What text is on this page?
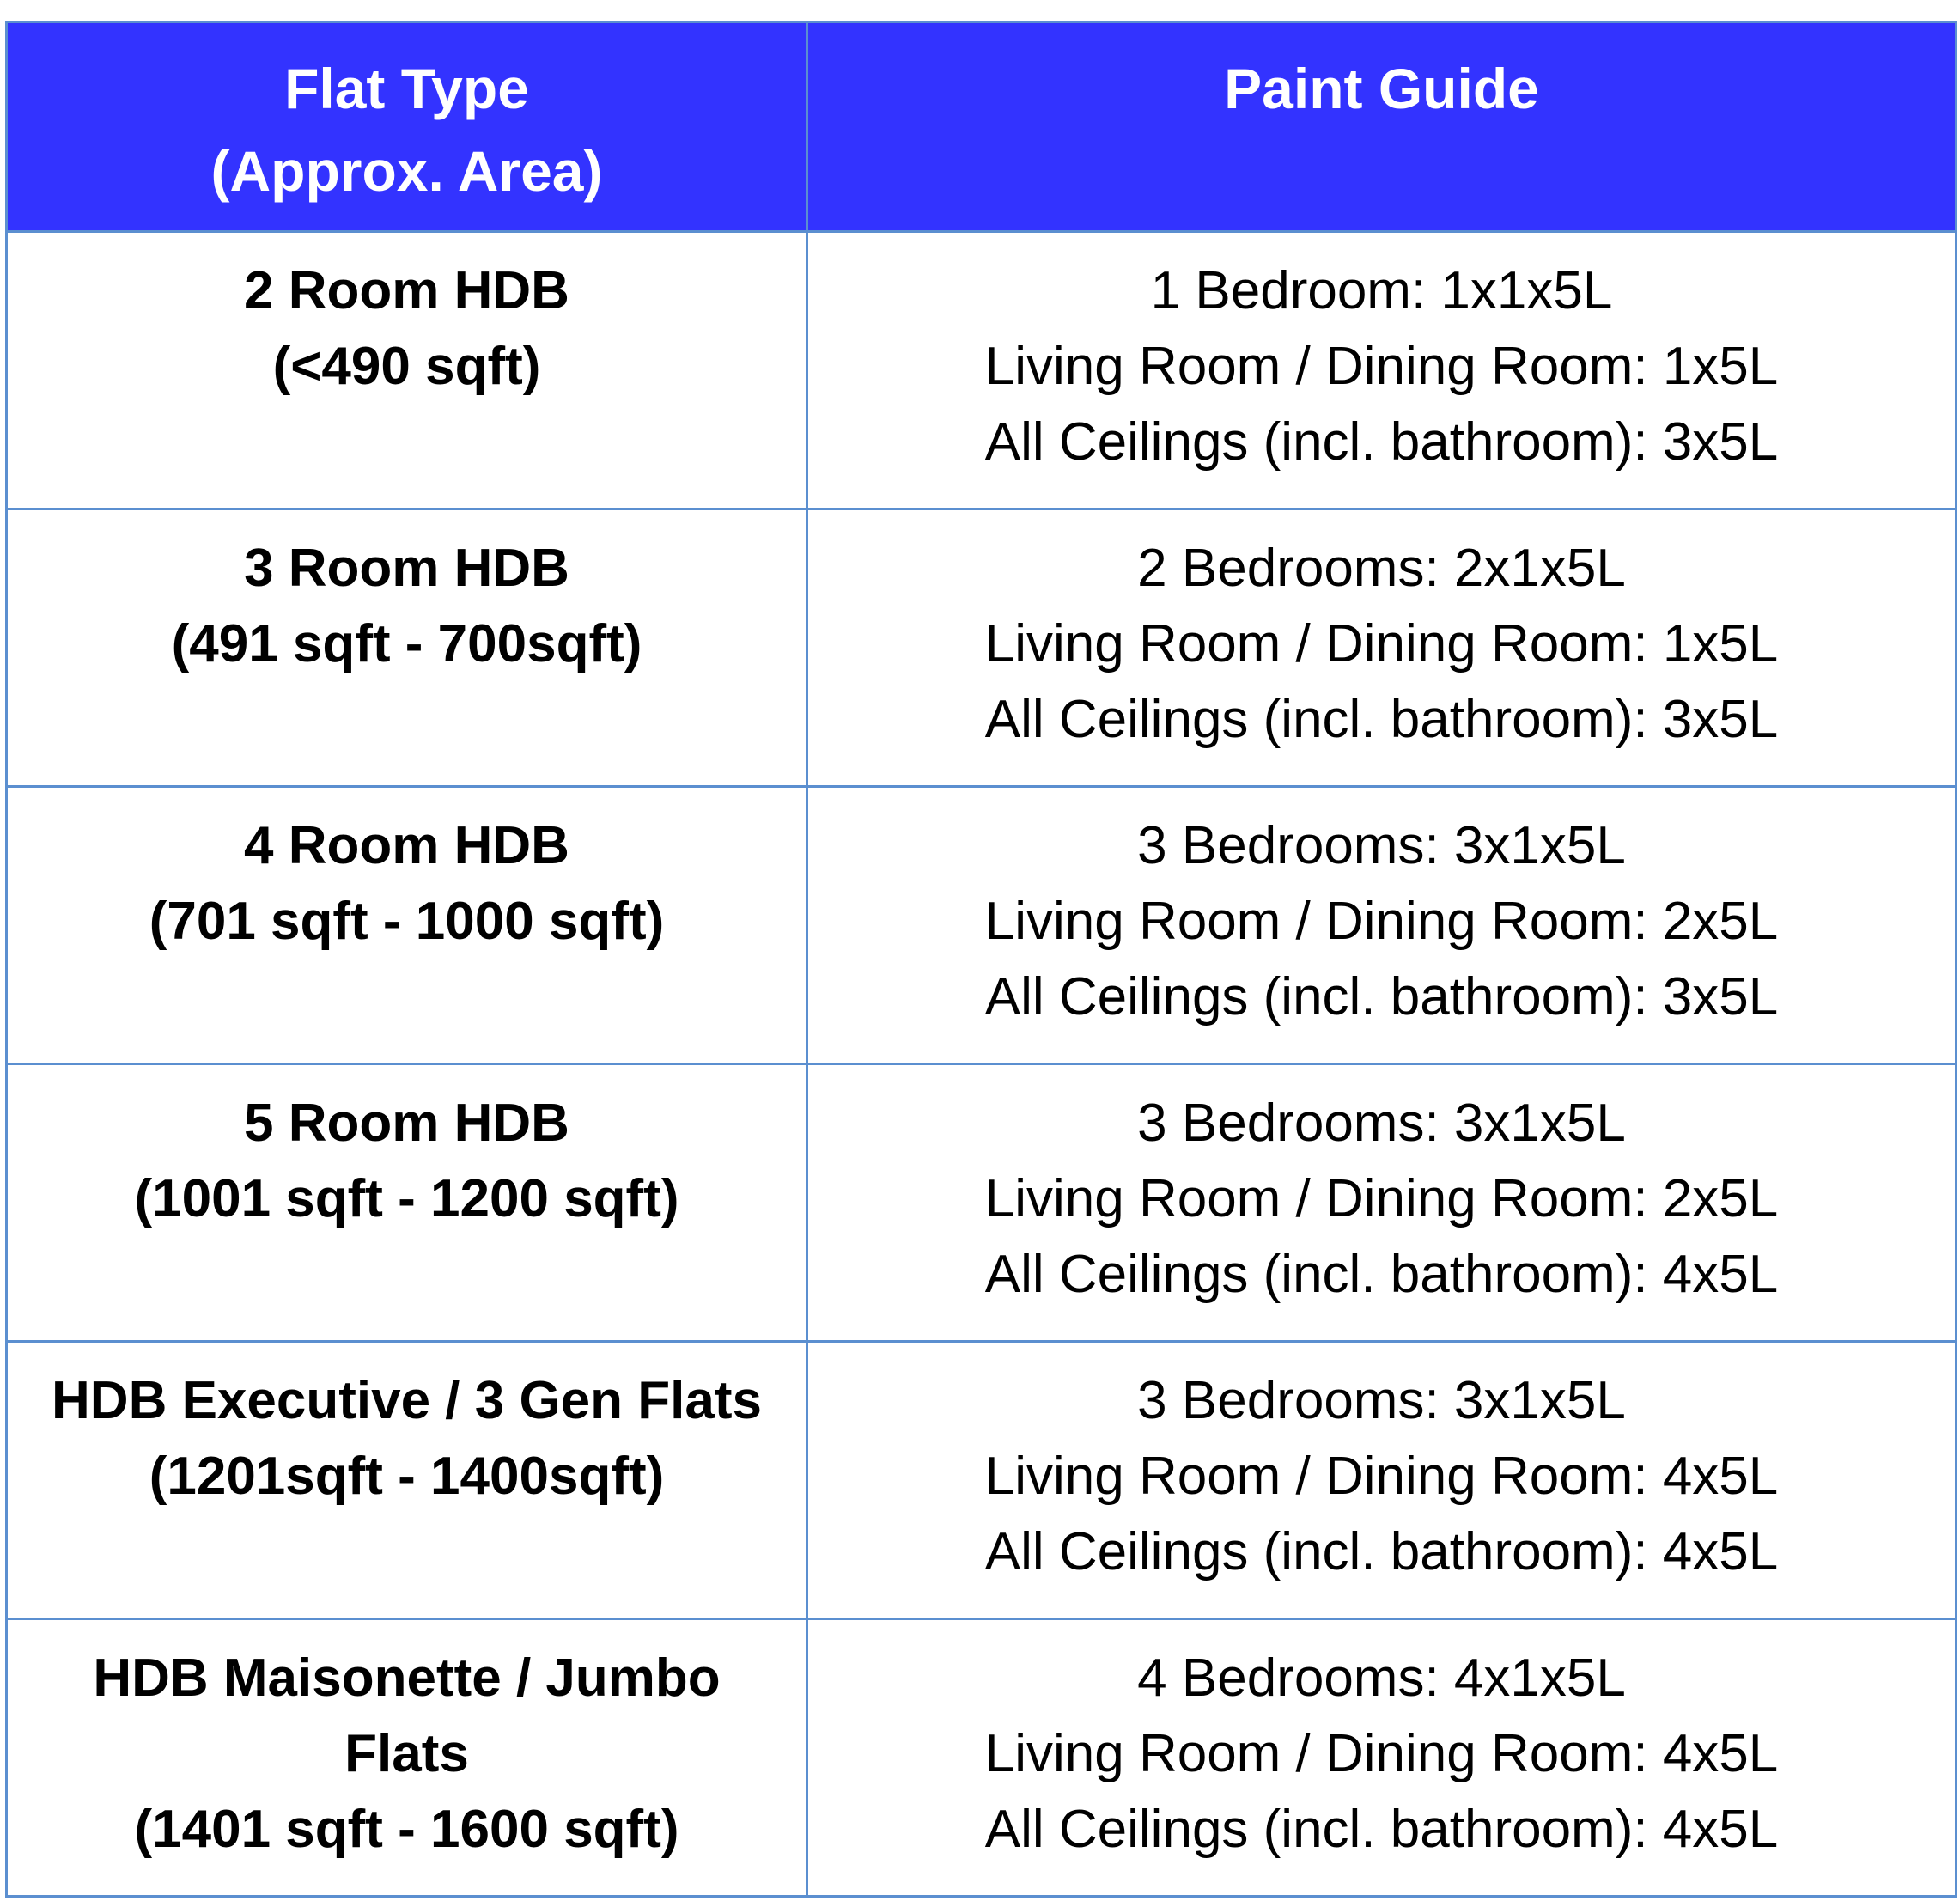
Flat Type
(Approx. Area)	Paint Guide

2 Room HDB
(<490 sqft)	1 Bedroom: 1x1x5L
Living Room / Dining Room: 1x5L
All Ceilings (incl. bathroom): 3x5L

3 Room HDB
(491 sqft - 700sqft)	2 Bedrooms: 2x1x5L
Living Room / Dining Room: 1x5L
All Ceilings (incl. bathroom): 3x5L

4 Room HDB
(701 sqft - 1000 sqft)	3 Bedrooms: 3x1x5L
Living Room / Dining Room: 2x5L
All Ceilings (incl. bathroom): 3x5L

5 Room HDB
(1001 sqft - 1200 sqft)	3 Bedrooms: 3x1x5L
Living Room / Dining Room: 2x5L
All Ceilings (incl. bathroom): 4x5L

HDB Executive / 3 Gen Flats
(1201sqft - 1400sqft)	3 Bedrooms: 3x1x5L
Living Room / Dining Room: 4x5L
All Ceilings (incl. bathroom): 4x5L

HDB Maisonette / Jumbo
Flats
(1401 sqft - 1600 sqft)	4 Bedrooms: 4x1x5L
Living Room / Dining Room: 4x5L
All Ceilings (incl. bathroom): 4x5L
